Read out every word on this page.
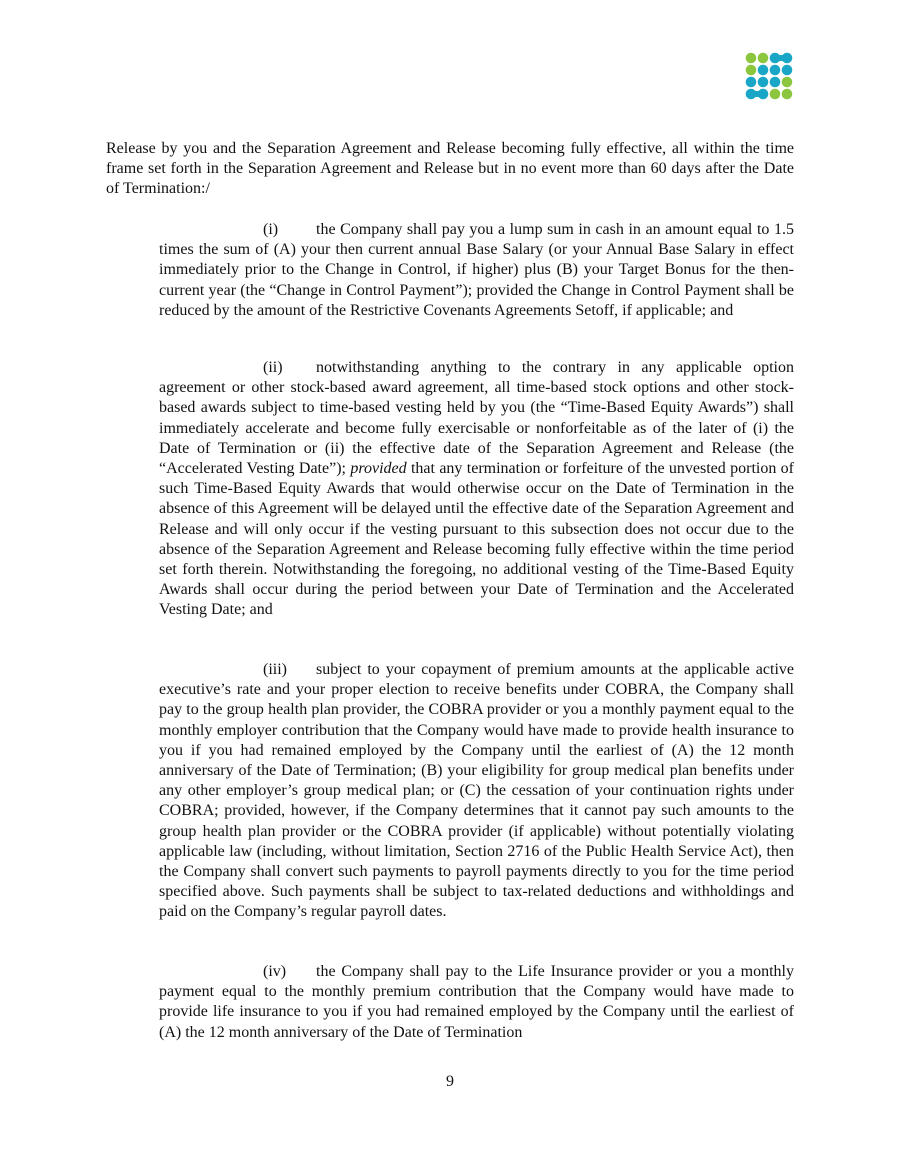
Release by you and the Separation Agreement and Release becoming fully effective, all within the time frame set forth in the Separation Agreement and Release but in no event more than 60 days after the Date of Termination:/

(i) the Company shall pay you a lump sum in cash in an amount equal to 1.5 times the sum of (A) your then current annual Base Salary (or your Annual Base Salary in effect immediately prior to the Change in Control, if higher) plus (B) your Target Bonus for the then-current year (the “Change in Control Payment”); provided the Change in Control Payment shall be reduced by the amount of the Restrictive Covenants Agreements Setoff, if applicable; and

(ii) notwithstanding anything to the contrary in any applicable option agreement or other stock-based award agreement, all time-based stock options and other stock-based awards subject to time-based vesting held by you (the “Time-Based Equity Awards”) shall immediately accelerate and become fully exercisable or nonforfeitable as of the later of (i) the Date of Termination or (ii) the effective date of the Separation Agreement and Release (the “Accelerated Vesting Date”); provided that any termination or forfeiture of the unvested portion of such Time-Based Equity Awards that would otherwise occur on the Date of Termination in the absence of this Agreement will be delayed until the effective date of the Separation Agreement and Release and will only occur if the vesting pursuant to this subsection does not occur due to the absence of the Separation Agreement and Release becoming fully effective within the time period set forth therein. Notwithstanding the foregoing, no additional vesting of the Time-Based Equity Awards shall occur during the period between your Date of Termination and the Accelerated Vesting Date; and

(iii) subject to your copayment of premium amounts at the applicable active executive’s rate and your proper election to receive benefits under COBRA, the Company shall pay to the group health plan provider, the COBRA provider or you a monthly payment equal to the monthly employer contribution that the Company would have made to provide health insurance to you if you had remained employed by the Company until the earliest of (A) the 12 month anniversary of the Date of Termination; (B) your eligibility for group medical plan benefits under any other employer’s group medical plan; or (C) the cessation of your continuation rights under COBRA; provided, however, if the Company determines that it cannot pay such amounts to the group health plan provider or the COBRA provider (if applicable) without potentially violating applicable law (including, without limitation, Section 2716 of the Public Health Service Act), then the Company shall convert such payments to payroll payments directly to you for the time period specified above. Such payments shall be subject to tax-related deductions and withholdings and paid on the Company’s regular payroll dates.

(iv) the Company shall pay to the Life Insurance provider or you a monthly payment equal to the monthly premium contribution that the Company would have made to provide life insurance to you if you had remained employed by the Company until the earliest of (A) the 12 month anniversary of the Date of Termination

9
